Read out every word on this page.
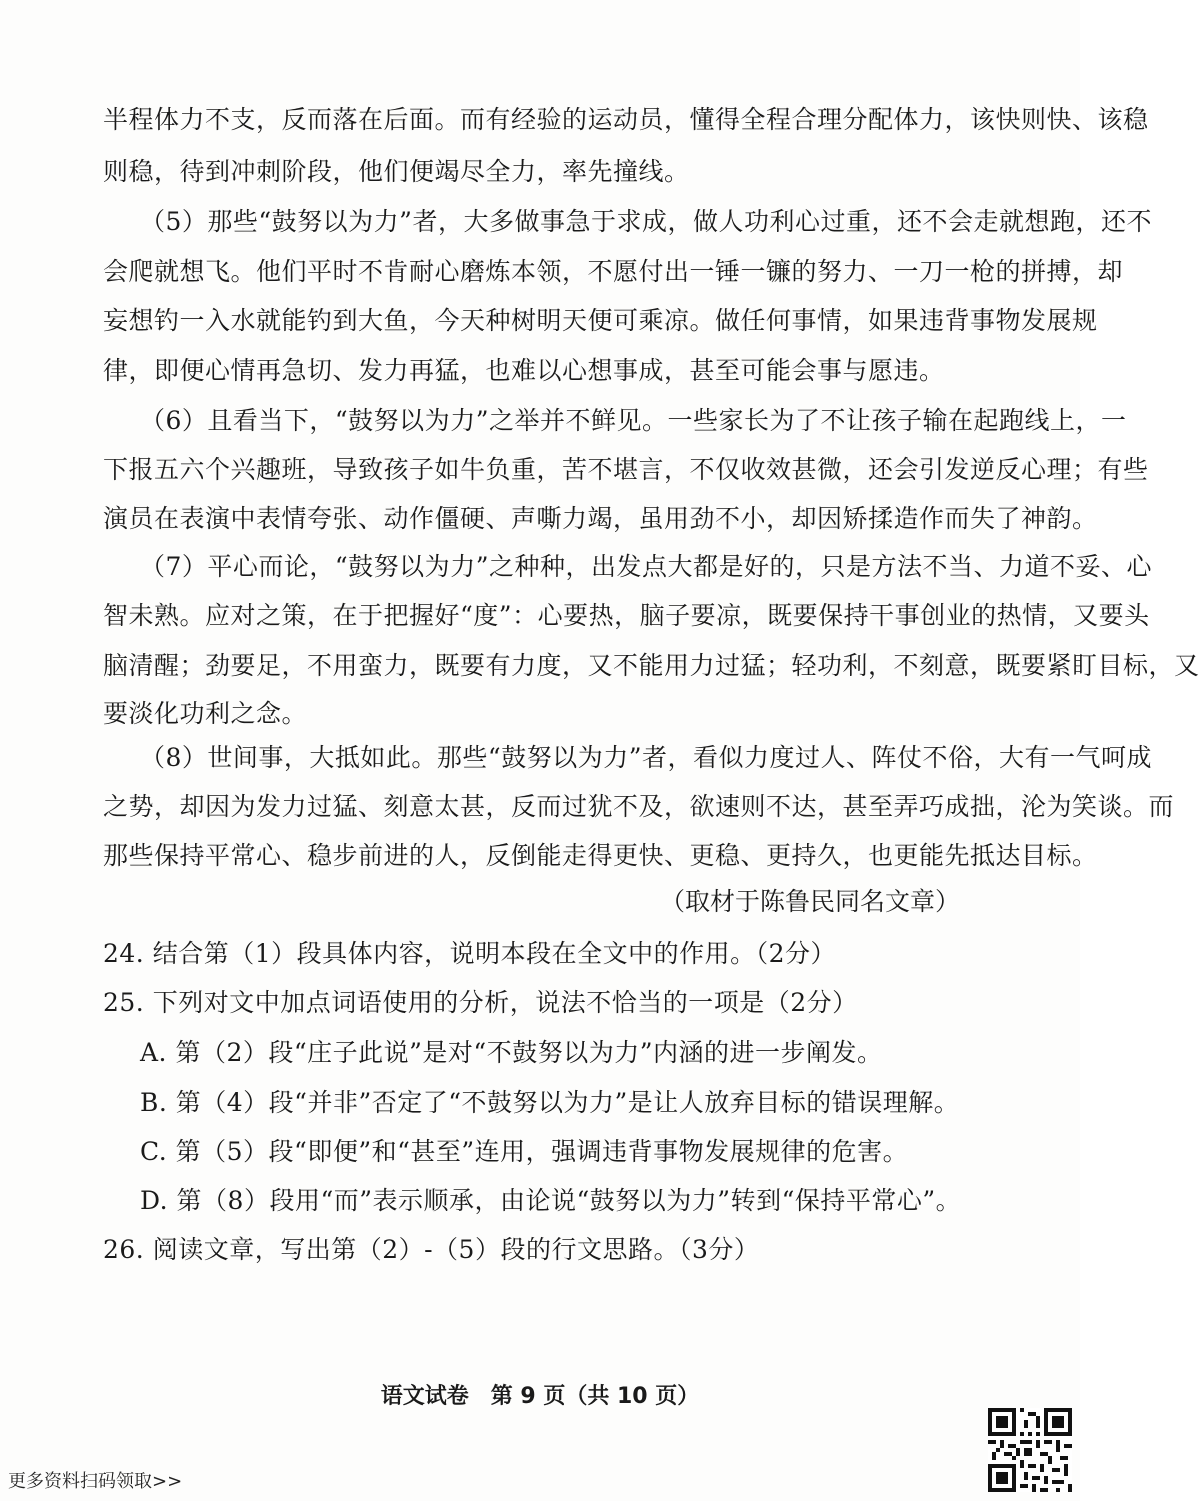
半程体力不支，反而落在后面。而有经验的运动员，懂得全程合理分配体力，该快则快、该稳
则稳，待到冲刺阶段，他们便竭尽全力，率先撞线。
（5）那些“鼓努以为力”者，大多做事急于求成，做人功利心过重，还不会走就想跑，还不
会爬就想飞。他们平时不肯耐心磨炼本领，不愿付出一锤一镰的努力、一刀一枪的拼搏，却
妄想钓一入水就能钓到大鱼，今天种树明天便可乘凉。做任何事情，如果违背事物发展规
律，即便心情再急切、发力再猛，也难以心想事成，甚至可能会事与愿违。
（6）且看当下，“鼓努以为力”之举并不鲜见。一些家长为了不让孩子输在起跑线上，一
下报五六个兴趣班，导致孩子如牛负重，苦不堪言，不仅收效甚微，还会引发逆反心理；有些
演员在表演中表情夸张、动作僵硬、声嘶力竭，虽用劲不小，却因矫揉造作而失了神韵。
（7）平心而论，“鼓努以为力”之种种，出发点大都是好的，只是方法不当、力道不妥、心
智未熟。应对之策，在于把握好“度”：心要热，脑子要凉，既要保持干事创业的热情，又要头
脑清醒；劲要足，不用蛮力，既要有力度，又不能用力过猛；轻功利，不刻意，既要紧盯目标，又
要淡化功利之念。
（8）世间事，大抵如此。那些“鼓努以为力”者，看似力度过人、阵仗不俗，大有一气呵成
之势，却因为发力过猛、刻意太甚，反而过犹不及，欲速则不达，甚至弄巧成拙，沦为笑谈。而
那些保持平常心、稳步前进的人，反倒能走得更快、更稳、更持久，也更能先抵达目标。
（取材于陈鲁民同名文章）
24. 结合第（1）段具体内容，说明本段在全文中的作用。（2分）
25. 下列对文中加点词语使用的分析，说法不恰当的一项是（2分）
A. 第（2）段“庄子此说”是对“不鼓努以为力”内涵的进一步阐发。
B. 第（4）段“并非”否定了“不鼓努以为力”是让人放弃目标的错误理解。
C. 第（5）段“即便”和“甚至”连用，强调违背事物发展规律的危害。
D. 第（8）段用“而”表示顺承，由论说“鼓努以为力”转到“保持平常心”。
26. 阅读文章，写出第（2）-（5）段的行文思路。（3分）
语文试卷　第 9 页（共 10 页）
更多资料扫码领取>>
